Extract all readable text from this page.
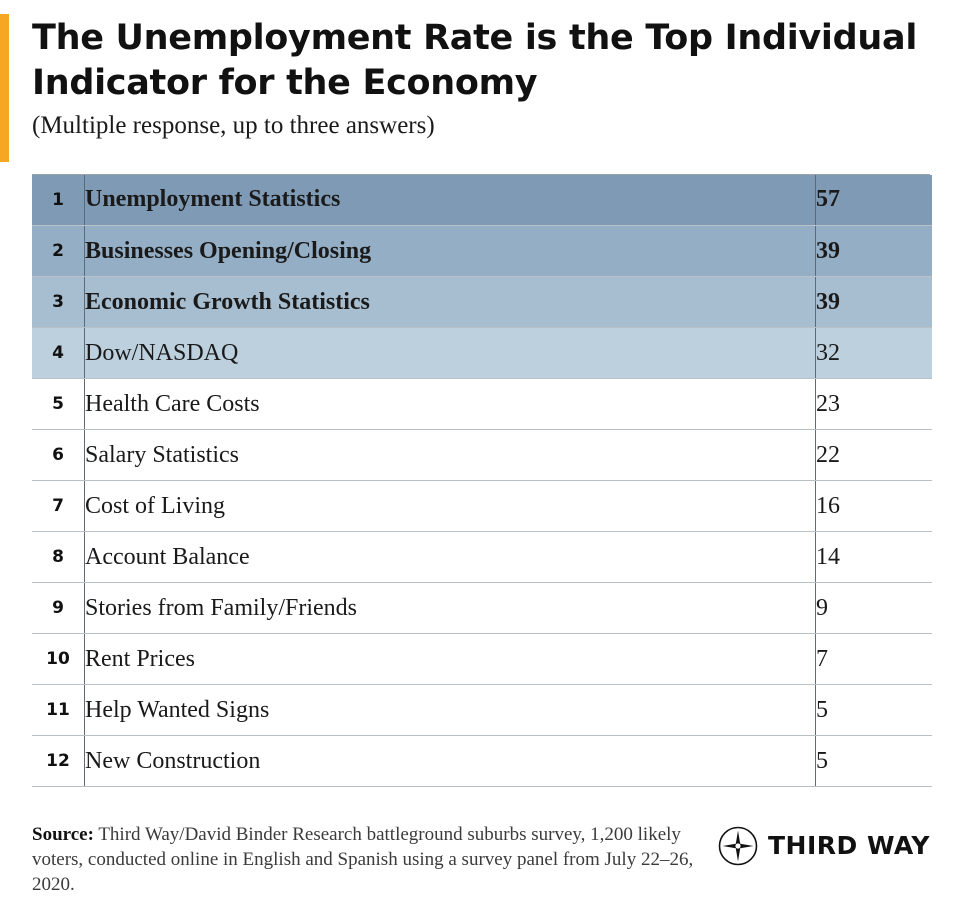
The Unemployment Rate is the Top Individual Indicator for the Economy

(Multiple response, up to three answers)

1	Unemployment Statistics	57
2	Businesses Opening/Closing	39
3	Economic Growth Statistics	39
4	Dow/NASDAQ	32
5	Health Care Costs	23
6	Salary Statistics	22
7	Cost of Living	16
8	Account Balance	14
9	Stories from Family/Friends	9
10	Rent Prices	7
11	Help Wanted Signs	5
12	New Construction	5
Source: Third Way/David Binder Research battleground suburbs survey, 1,200 likely voters, conducted online in English and Spanish using a survey panel from July 22–26, 2020.
THIRD WAY
